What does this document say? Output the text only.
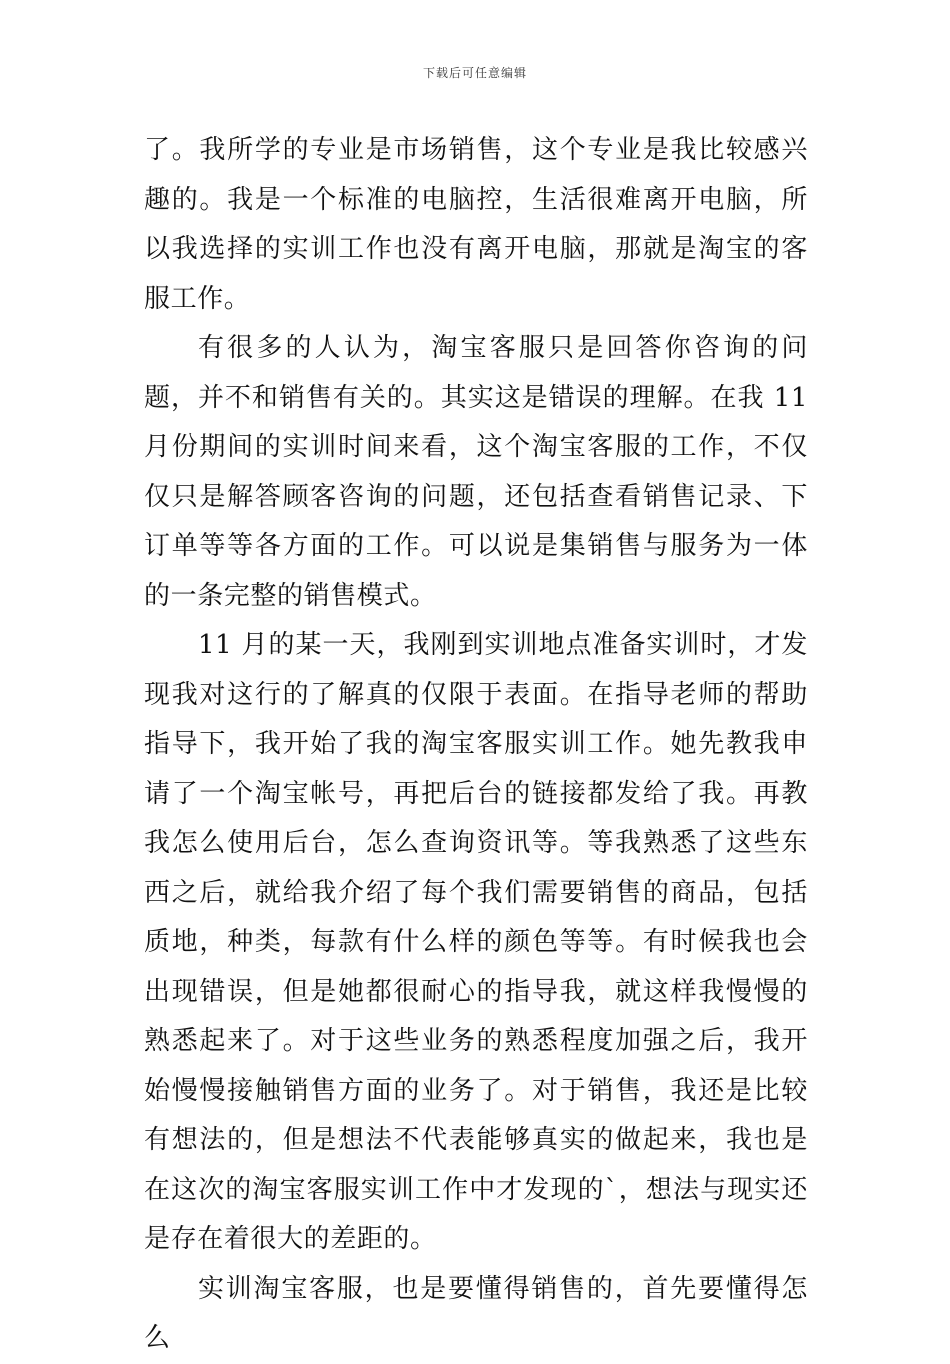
下载后可任意编辑

了。我所学的专业是市场销售，这个专业是我比较感兴趣的。我是一个标准的电脑控，生活很难离开电脑，所以我选择的实训工作也没有离开电脑，那就是淘宝的客服工作。

有很多的人认为，淘宝客服只是回答你咨询的问题，并不和销售有关的。其实这是错误的理解。在我 11 月份期间的实训时间来看，这个淘宝客服的工作，不仅仅只是解答顾客咨询的问题，还包括查看销售记录、下订单等等各方面的工作。可以说是集销售与服务为一体的一条完整的销售模式。

11 月的某一天，我刚到实训地点准备实训时，才发现我对这行的了解真的仅限于表面。在指导老师的帮助指导下，我开始了我的淘宝客服实训工作。她先教我申请了一个淘宝帐号，再把后台的链接都发给了我。再教我怎么使用后台，怎么查询资讯等。等我熟悉了这些东西之后，就给我介绍了每个我们需要销售的商品，包括质地，种类，每款有什么样的颜色等等。有时候我也会出现错误，但是她都很耐心的指导我，就这样我慢慢的熟悉起来了。对于这些业务的熟悉程度加强之后，我开始慢慢接触销售方面的业务了。对于销售，我还是比较有想法的，但是想法不代表能够真实的做起来，我也是在这次的淘宝客服实训工作中才发现的`，想法与现实还是存在着很大的差距的。

实训淘宝客服，也是要懂得销售的，首先要懂得怎么
